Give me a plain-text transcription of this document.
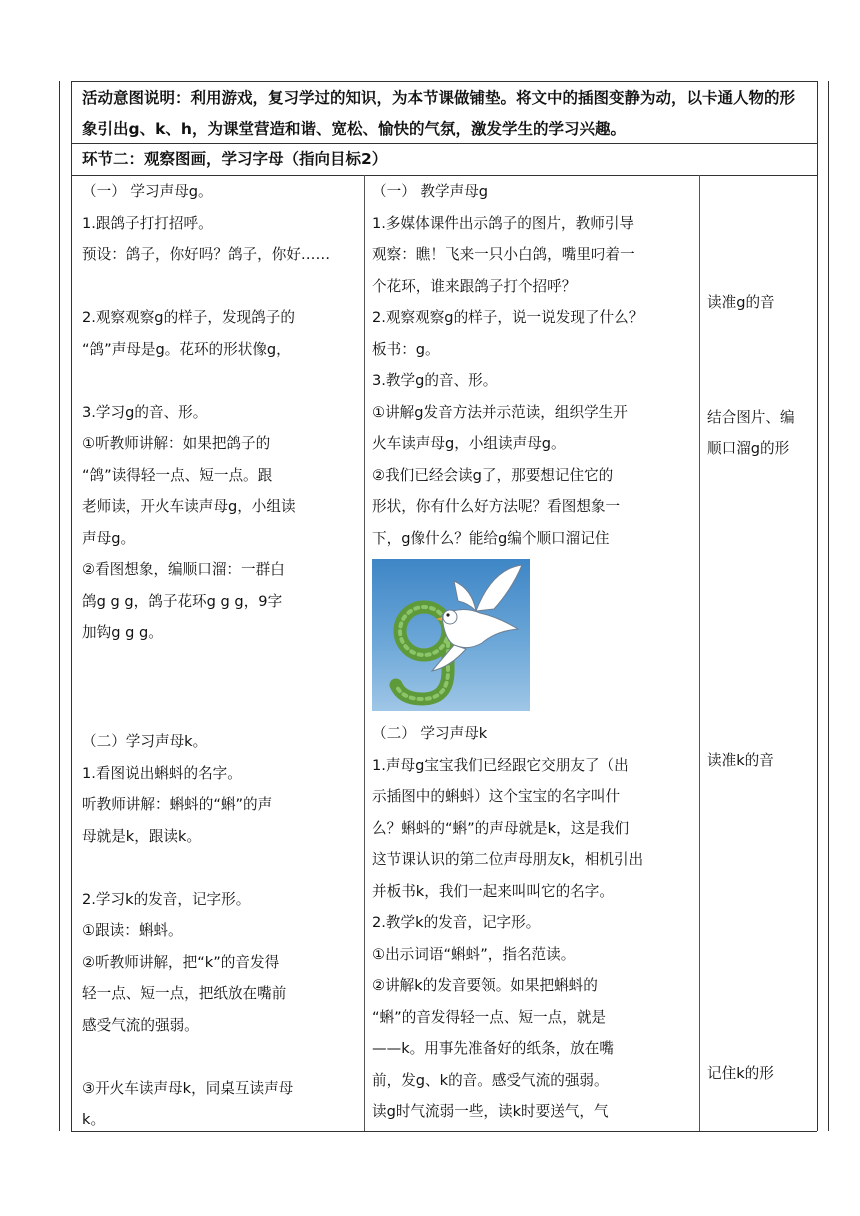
活动意图说明：利用游戏，复习学过的知识，为本节课做铺垫。将文中的插图变静为动，以卡通人物的形象引出g、k、h，为课堂营造和谐、宽松、愉快的气氛，激发学生的学习兴趣。
环节二：观察图画，学习字母（指向目标2）

（一） 学习声母g。

1.跟鸽子打打招呼。

预设：鸽子，你好吗？鸽子，你好……

2.观察观察g的样子，发现鸽子的

“鸽”声母是g。花环的形状像g，

3.学习g的音、形。

①听教师讲解：如果把鸽子的

“鸽”读得轻一点、短一点。跟

老师读，开火车读声母g，小组读

声母g。

②看图想象，编顺口溜：一群白

鸽g g g，鸽子花环g g g，9字

加钩g g g。

（二）学习声母k。

1.看图说出蝌蚪的名字。

听教师讲解：蝌蚪的“蝌”的声

母就是k，跟读k。

2.学习k的发音，记字形。

①跟读：蝌蚪。

②听教师讲解，把“k”的音发得

轻一点、短一点，把纸放在嘴前

感受气流的强弱。

③开火车读声母k，同桌互读声母

k。

（一） 教学声母g

1.多媒体课件出示鸽子的图片，教师引导

观察：瞧！飞来一只小白鸽，嘴里叼着一

个花环，谁来跟鸽子打个招呼？

2.观察观察g的样子，说一说发现了什么？

板书：g。

3.教学g的音、形。

①讲解g发音方法并示范读，组织学生开

火车读声母g，小组读声母g。

②我们已经会读g了，那要想记住它的

形状，你有什么好方法呢？看图想象一

下，g像什么？能给g编个顺口溜记住

（二） 学习声母k

1.声母g宝宝我们已经跟它交朋友了（出

示插图中的蝌蚪）这个宝宝的名字叫什

么？蝌蚪的“蝌”的声母就是k，这是我们

这节课认识的第二位声母朋友k，相机引出

并板书k，我们一起来叫叫它的名字。

2.教学k的发音，记字形。

①出示词语“蝌蚪”，指名范读。

②讲解k的发音要领。如果把蝌蚪的

“蝌”的音发得轻一点、短一点，就是

——k。用事先准备好的纸条，放在嘴

前，发g、k的音。感受气流的强弱。

读g时气流弱一些，读k时要送气，气

读准g的音
结合图片、编
顺口溜g的形
读准k的音
记住k的形
